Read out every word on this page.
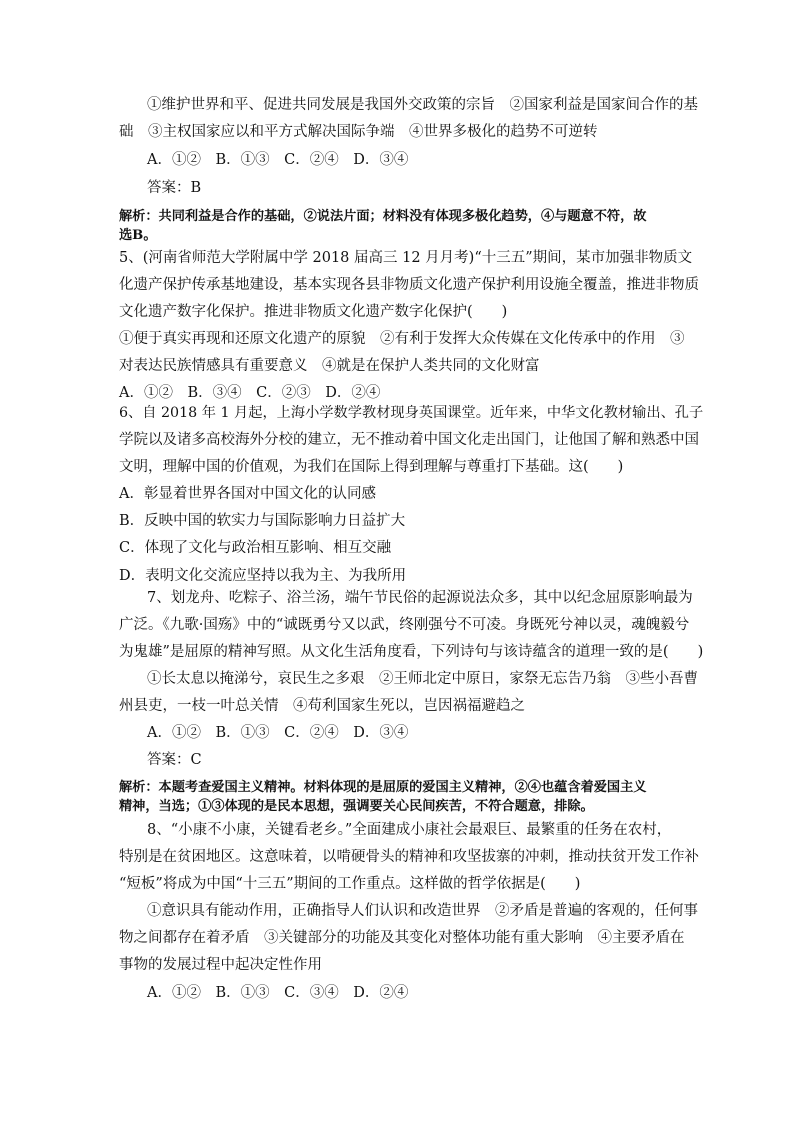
①维护世界和平、促进共同发展是我国外交政策的宗旨　②国家利益是国家间合作的基
础　③主权国家应以和平方式解决国际争端　④世界多极化的趋势不可逆转
A．①②　B．①③　C．②④　D．③④
答案：B
解析：共同利益是合作的基础，②说法片面；材料没有体现多极化趋势，④与题意不符，故
选B。
5、(河南省师范大学附属中学 2018 届高三 12 月月考)“十三五”期间，某市加强非物质文
化遗产保护传承基地建设，基本实现各县非物质文化遗产保护利用设施全覆盖，推进非物质
文化遗产数字化保护。推进非物质文化遗产数字化保护(　　)
①便于真实再现和还原文化遗产的原貌　②有利于发挥大众传媒在文化传承中的作用　③
对表达民族情感具有重要意义　④就是在保护人类共同的文化财富
A．①②　B．③④　C．②③　D．②④
6、自 2018 年 1 月起，上海小学数学教材现身英国课堂。近年来，中华文化教材输出、孔子
学院以及诸多高校海外分校的建立，无不推动着中国文化走出国门，让他国了解和熟悉中国
文明，理解中国的价值观，为我们在国际上得到理解与尊重打下基础。这(　　)
A．彰显着世界各国对中国文化的认同感
B．反映中国的软实力与国际影响力日益扩大
C．体现了文化与政治相互影响、相互交融
D．表明文化交流应坚持以我为主、为我所用
7、划龙舟、吃粽子、浴兰汤，端午节民俗的起源说法众多，其中以纪念屈原影响最为
广泛。《九歌·国殇》中的“诚既勇兮又以武，终刚强兮不可凌。身既死兮神以灵，魂魄毅兮
为鬼雄”是屈原的精神写照。从文化生活角度看，下列诗句与该诗蕴含的道理一致的是(　　)
①长太息以掩涕兮，哀民生之多艰　②王师北定中原日，家祭无忘告乃翁　③些小吾曹
州县吏，一枝一叶总关情　④苟利国家生死以，岂因祸福避趋之
A．①②　B．①③　C．②④　D．③④
答案：C
解析：本题考查爱国主义精神。材料体现的是屈原的爱国主义精神，②④也蕴含着爱国主义
精神，当选；①③体现的是民本思想，强调要关心民间疾苦，不符合题意，排除。
8、“小康不小康，关键看老乡。”全面建成小康社会最艰巨、最繁重的任务在农村，
特别是在贫困地区。这意味着，以啃硬骨头的精神和攻坚拔寨的冲刺，推动扶贫开发工作补
“短板”将成为中国“十三五”期间的工作重点。这样做的哲学依据是(　　)
①意识具有能动作用，正确指导人们认识和改造世界　②矛盾是普遍的客观的，任何事
物之间都存在着矛盾　③关键部分的功能及其变化对整体功能有重大影响　④主要矛盾在
事物的发展过程中起决定性作用
A．①②　B．①③　C．③④　D．②④
